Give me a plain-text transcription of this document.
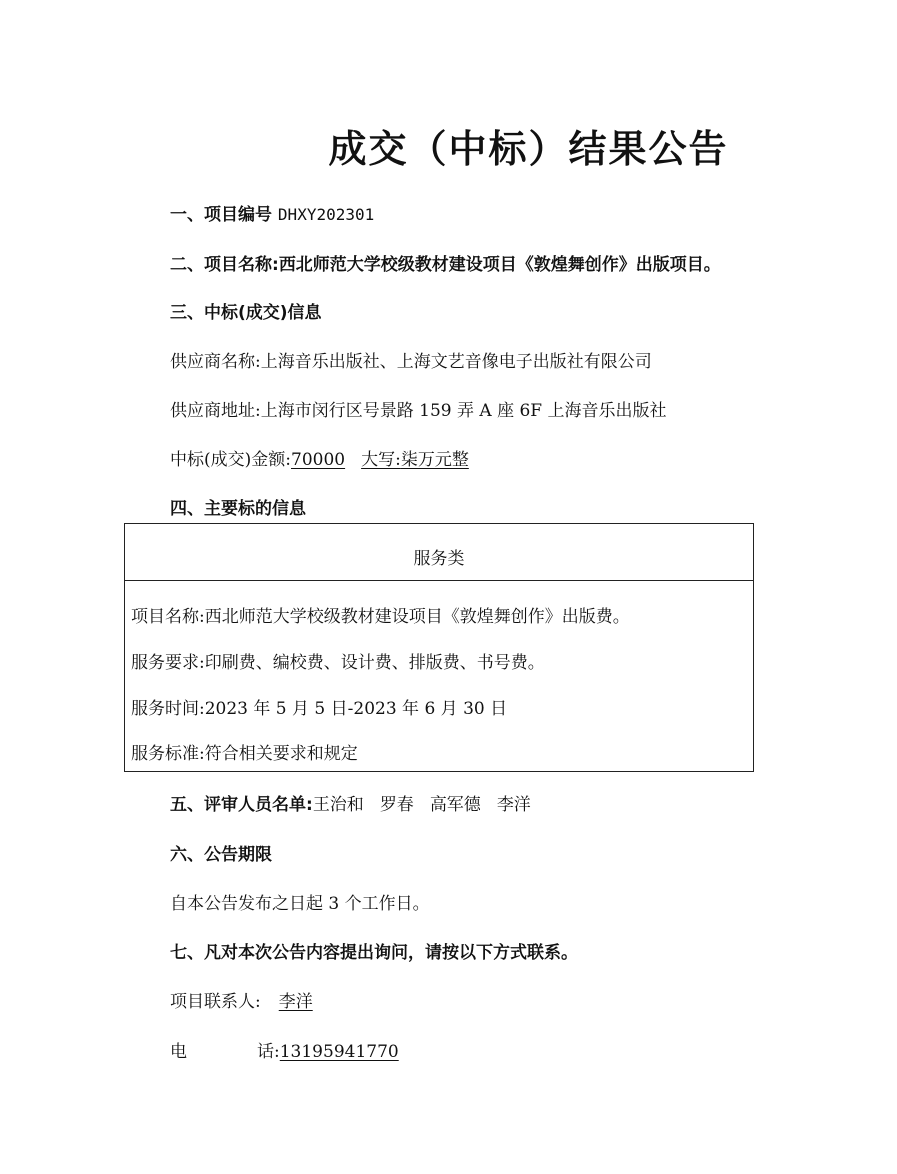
成交（中标）结果公告
一、项目编号 DHXY202301
二、项目名称:西北师范大学校级教材建设项目《敦煌舞创作》出版项目。
三、中标(成交)信息
供应商名称:上海音乐出版社、上海文艺音像电子出版社有限公司
供应商地址:上海市闵行区号景路 159 弄 A 座 6F 上海音乐出版社
中标(成交)金额:70000 大写:柒万元整
四、主要标的信息
服务类
项目名称:西北师范大学校级教材建设项目《敦煌舞创作》出版费。
服务要求:印刷费、编校费、设计费、排版费、书号费。
服务时间:2023 年 5 月 5 日-2023 年 6 月 30 日
服务标准:符合相关要求和规定
五、评审人员名单:王治和 罗春 高军德 李洋
六、公告期限
自本公告发布之日起 3 个工作日。
七、凡对本次公告内容提出询问，请按以下方式联系。
项目联系人: 李洋
电	话:13195941770
